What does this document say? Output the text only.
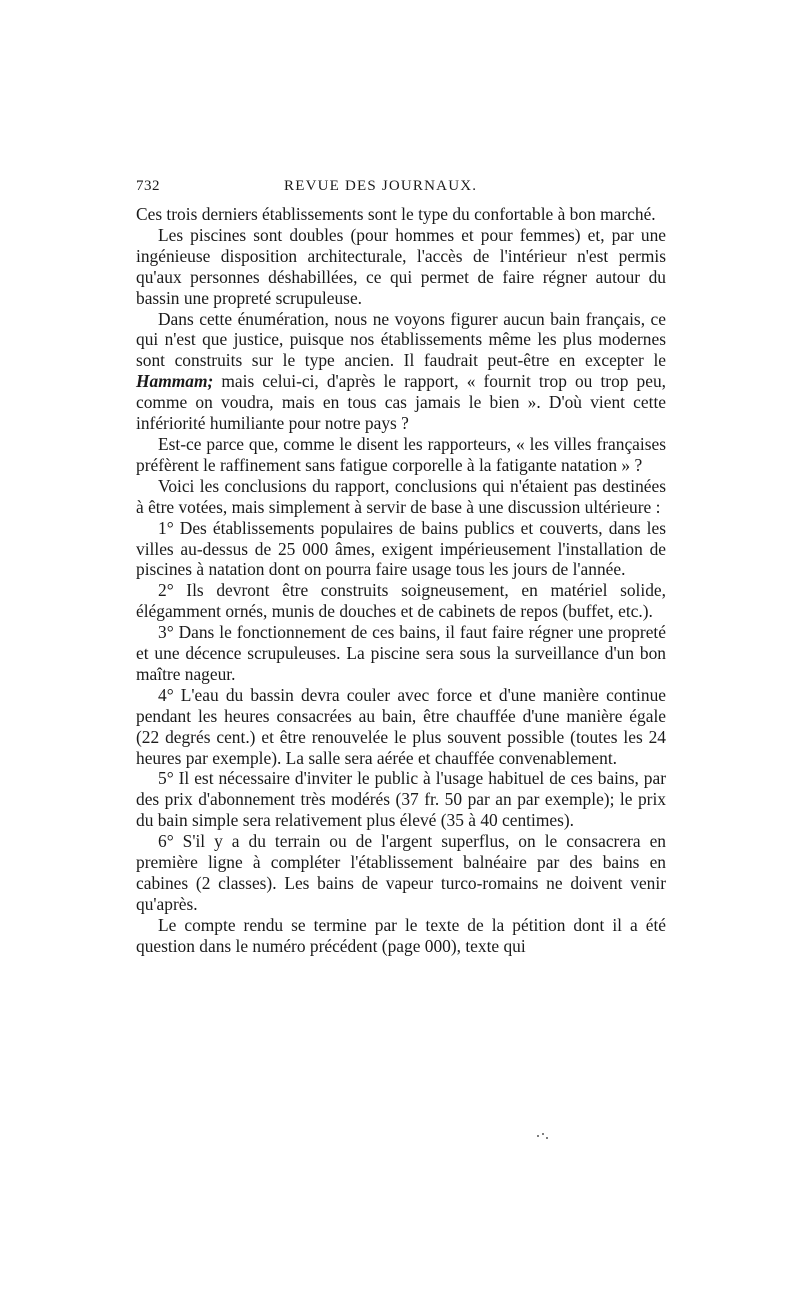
732	REVUE DES JOURNAUX.

Ces trois derniers établissements sont le type du confortable à bon marché.

Les piscines sont doubles (pour hommes et pour femmes) et, par une ingénieuse disposition architecturale, l'accès de l'intérieur n'est permis qu'aux personnes déshabillées, ce qui permet de faire régner autour du bassin une propreté scrupuleuse.

Dans cette énumération, nous ne voyons figurer aucun bain français, ce qui n'est que justice, puisque nos établissements même les plus modernes sont construits sur le type ancien. Il faudrait peut-être en excepter le Hammam; mais celui-ci, d'après le rapport, « fournit trop ou trop peu, comme on voudra, mais en tous cas jamais le bien ». D'où vient cette infériorité humiliante pour notre pays ?

Est-ce parce que, comme le disent les rapporteurs, « les villes françaises préfèrent le raffinement sans fatigue corporelle à la fatigante natation » ?

Voici les conclusions du rapport, conclusions qui n'étaient pas destinées à être votées, mais simplement à servir de base à une discussion ultérieure :

1° Des établissements populaires de bains publics et couverts, dans les villes au-dessus de 25 000 âmes, exigent impérieusement l'installation de piscines à natation dont on pourra faire usage tous les jours de l'année.

2° Ils devront être construits soigneusement, en matériel solide, élégamment ornés, munis de douches et de cabinets de repos (buffet, etc.).

3° Dans le fonctionnement de ces bains, il faut faire régner une propreté et une décence scrupuleuses. La piscine sera sous la surveillance d'un bon maître nageur.

4° L'eau du bassin devra couler avec force et d'une manière continue pendant les heures consacrées au bain, être chauffée d'une manière égale (22 degrés cent.) et être renouvelée le plus souvent possible (toutes les 24 heures par exemple). La salle sera aérée et chauffée convenablement.

5° Il est nécessaire d'inviter le public à l'usage habituel de ces bains, par des prix d'abonnement très modérés (37 fr. 50 par an par exemple); le prix du bain simple sera relativement plus élevé (35 à 40 centimes).

6° S'il y a du terrain ou de l'argent superflus, on le consacrera en première ligne à compléter l'établissement balnéaire par des bains en cabines (2 classes). Les bains de vapeur turco-romains ne doivent venir qu'après.

Le compte rendu se termine par le texte de la pétition dont il a été question dans le numéro précédent (page 000), texte qui
